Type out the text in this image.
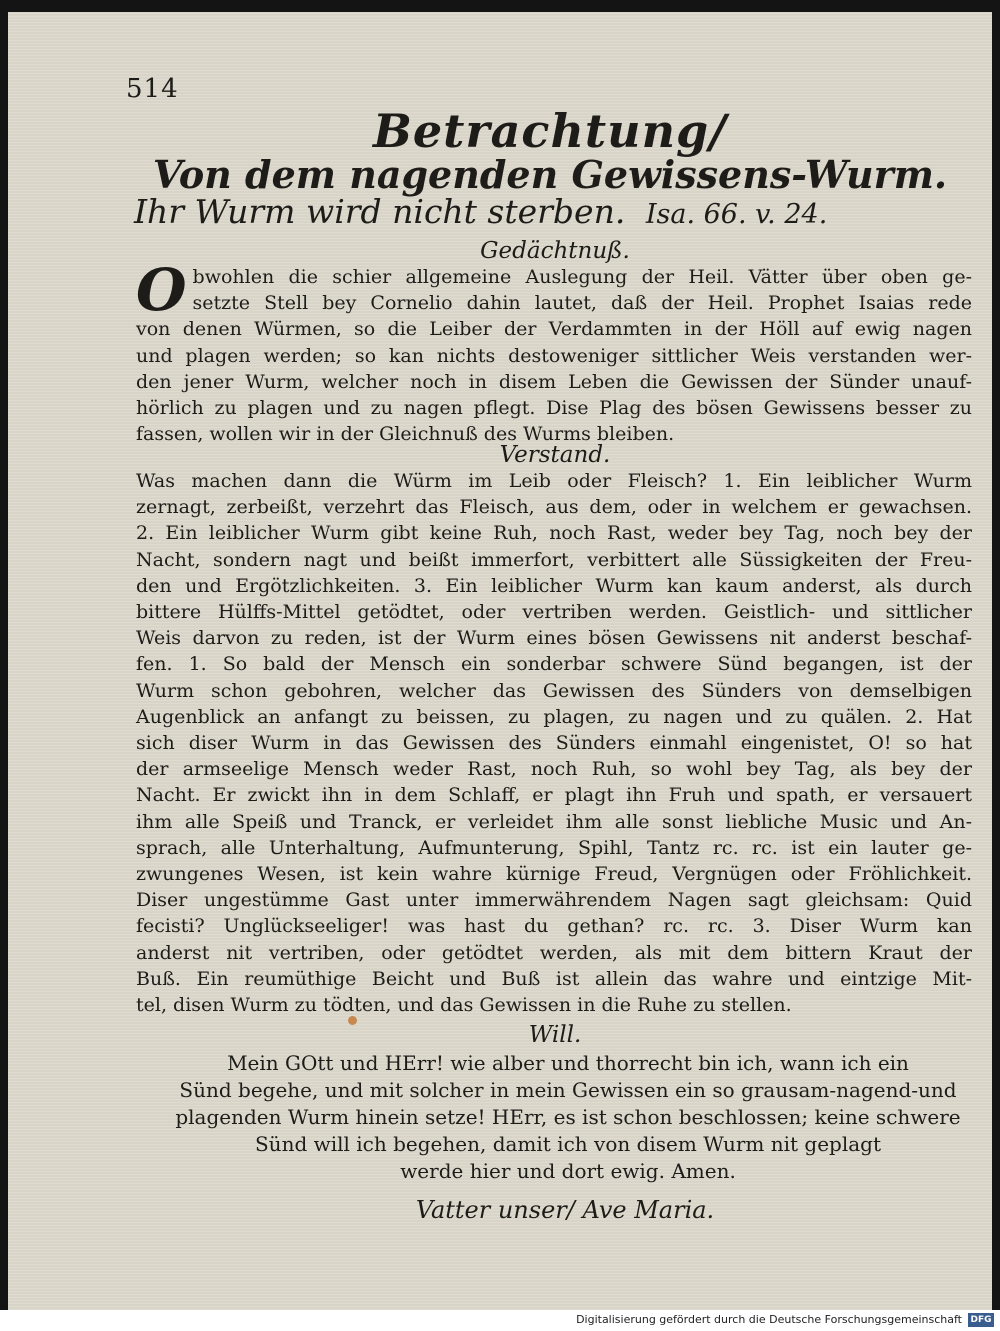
514
Betrachtung/
Von dem nagenden Gewissens-Wurm.
Ihr Wurm wird nicht sterben. Isa. 66. v. 24.
Gedächtnuß.
O bwohlen die schier allgemeine Auslegung der Heil. Vätter über oben ge-
setzte Stell bey Cornelio dahin lautet, daß der Heil. Prophet Isaias rede
von denen Würmen, so die Leiber der Verdammten in der Höll auf ewig nagen
und plagen werden; so kan nichts destoweniger sittlicher Weis verstanden wer-
den jener Wurm, welcher noch in disem Leben die Gewissen der Sünder unauf-
hörlich zu plagen und zu nagen pflegt. Dise Plag des bösen Gewissens besser zu
fassen, wollen wir in der Gleichnuß des Wurms bleiben.
Verstand.
Was machen dann die Würm im Leib oder Fleisch? 1. Ein leiblicher Wurm
zernagt, zerbeißt, verzehrt das Fleisch, aus dem, oder in welchem er gewachsen.
2. Ein leiblicher Wurm gibt keine Ruh, noch Rast, weder bey Tag, noch bey der
Nacht, sondern nagt und beißt immerfort, verbittert alle Süssigkeiten der Freu-
den und Ergötzlichkeiten. 3. Ein leiblicher Wurm kan kaum anderst, als durch
bittere Hülffs-Mittel getödtet, oder vertriben werden. Geistlich- und sittlicher
Weis darvon zu reden, ist der Wurm eines bösen Gewissens nit anderst beschaf-
fen. 1. So bald der Mensch ein sonderbar schwere Sünd begangen, ist der
Wurm schon gebohren, welcher das Gewissen des Sünders von demselbigen
Augenblick an anfangt zu beissen, zu plagen, zu nagen und zu quälen. 2. Hat
sich diser Wurm in das Gewissen des Sünders einmahl eingenistet, O! so hat
der armseelige Mensch weder Rast, noch Ruh, so wohl bey Tag, als bey der
Nacht. Er zwickt ihn in dem Schlaff, er plagt ihn Fruh und spath, er versauert
ihm alle Speiß und Tranck, er verleidet ihm alle sonst liebliche Music und An-
sprach, alle Unterhaltung, Aufmunterung, Spihl, Tantz rc. rc. ist ein lauter ge-
zwungenes Wesen, ist kein wahre kürnige Freud, Vergnügen oder Fröhlichkeit.
Diser ungestümme Gast unter immerwährendem Nagen sagt gleichsam: Quid
fecisti? Unglückseeliger! was hast du gethan? rc. rc. 3. Diser Wurm kan
anderst nit vertriben, oder getödtet werden, als mit dem bittern Kraut der
Buß. Ein reumüthige Beicht und Buß ist allein das wahre und eintzige Mit-
tel, disen Wurm zu tödten, und das Gewissen in die Ruhe zu stellen.
Will.
Mein GOtt und HErr! wie alber und thorrecht bin ich, wann ich ein
Sünd begehe, und mit solcher in mein Gewissen ein so grausam-nagend-und
plagenden Wurm hinein setze! HErr, es ist schon beschlossen; keine schwere
Sünd will ich begehen, damit ich von disem Wurm nit geplagt
werde hier und dort ewig. Amen.
Vatter unser/ Ave Maria.
Digitalisierung gefördert durch die Deutsche Forschungsgemeinschaft DFG
